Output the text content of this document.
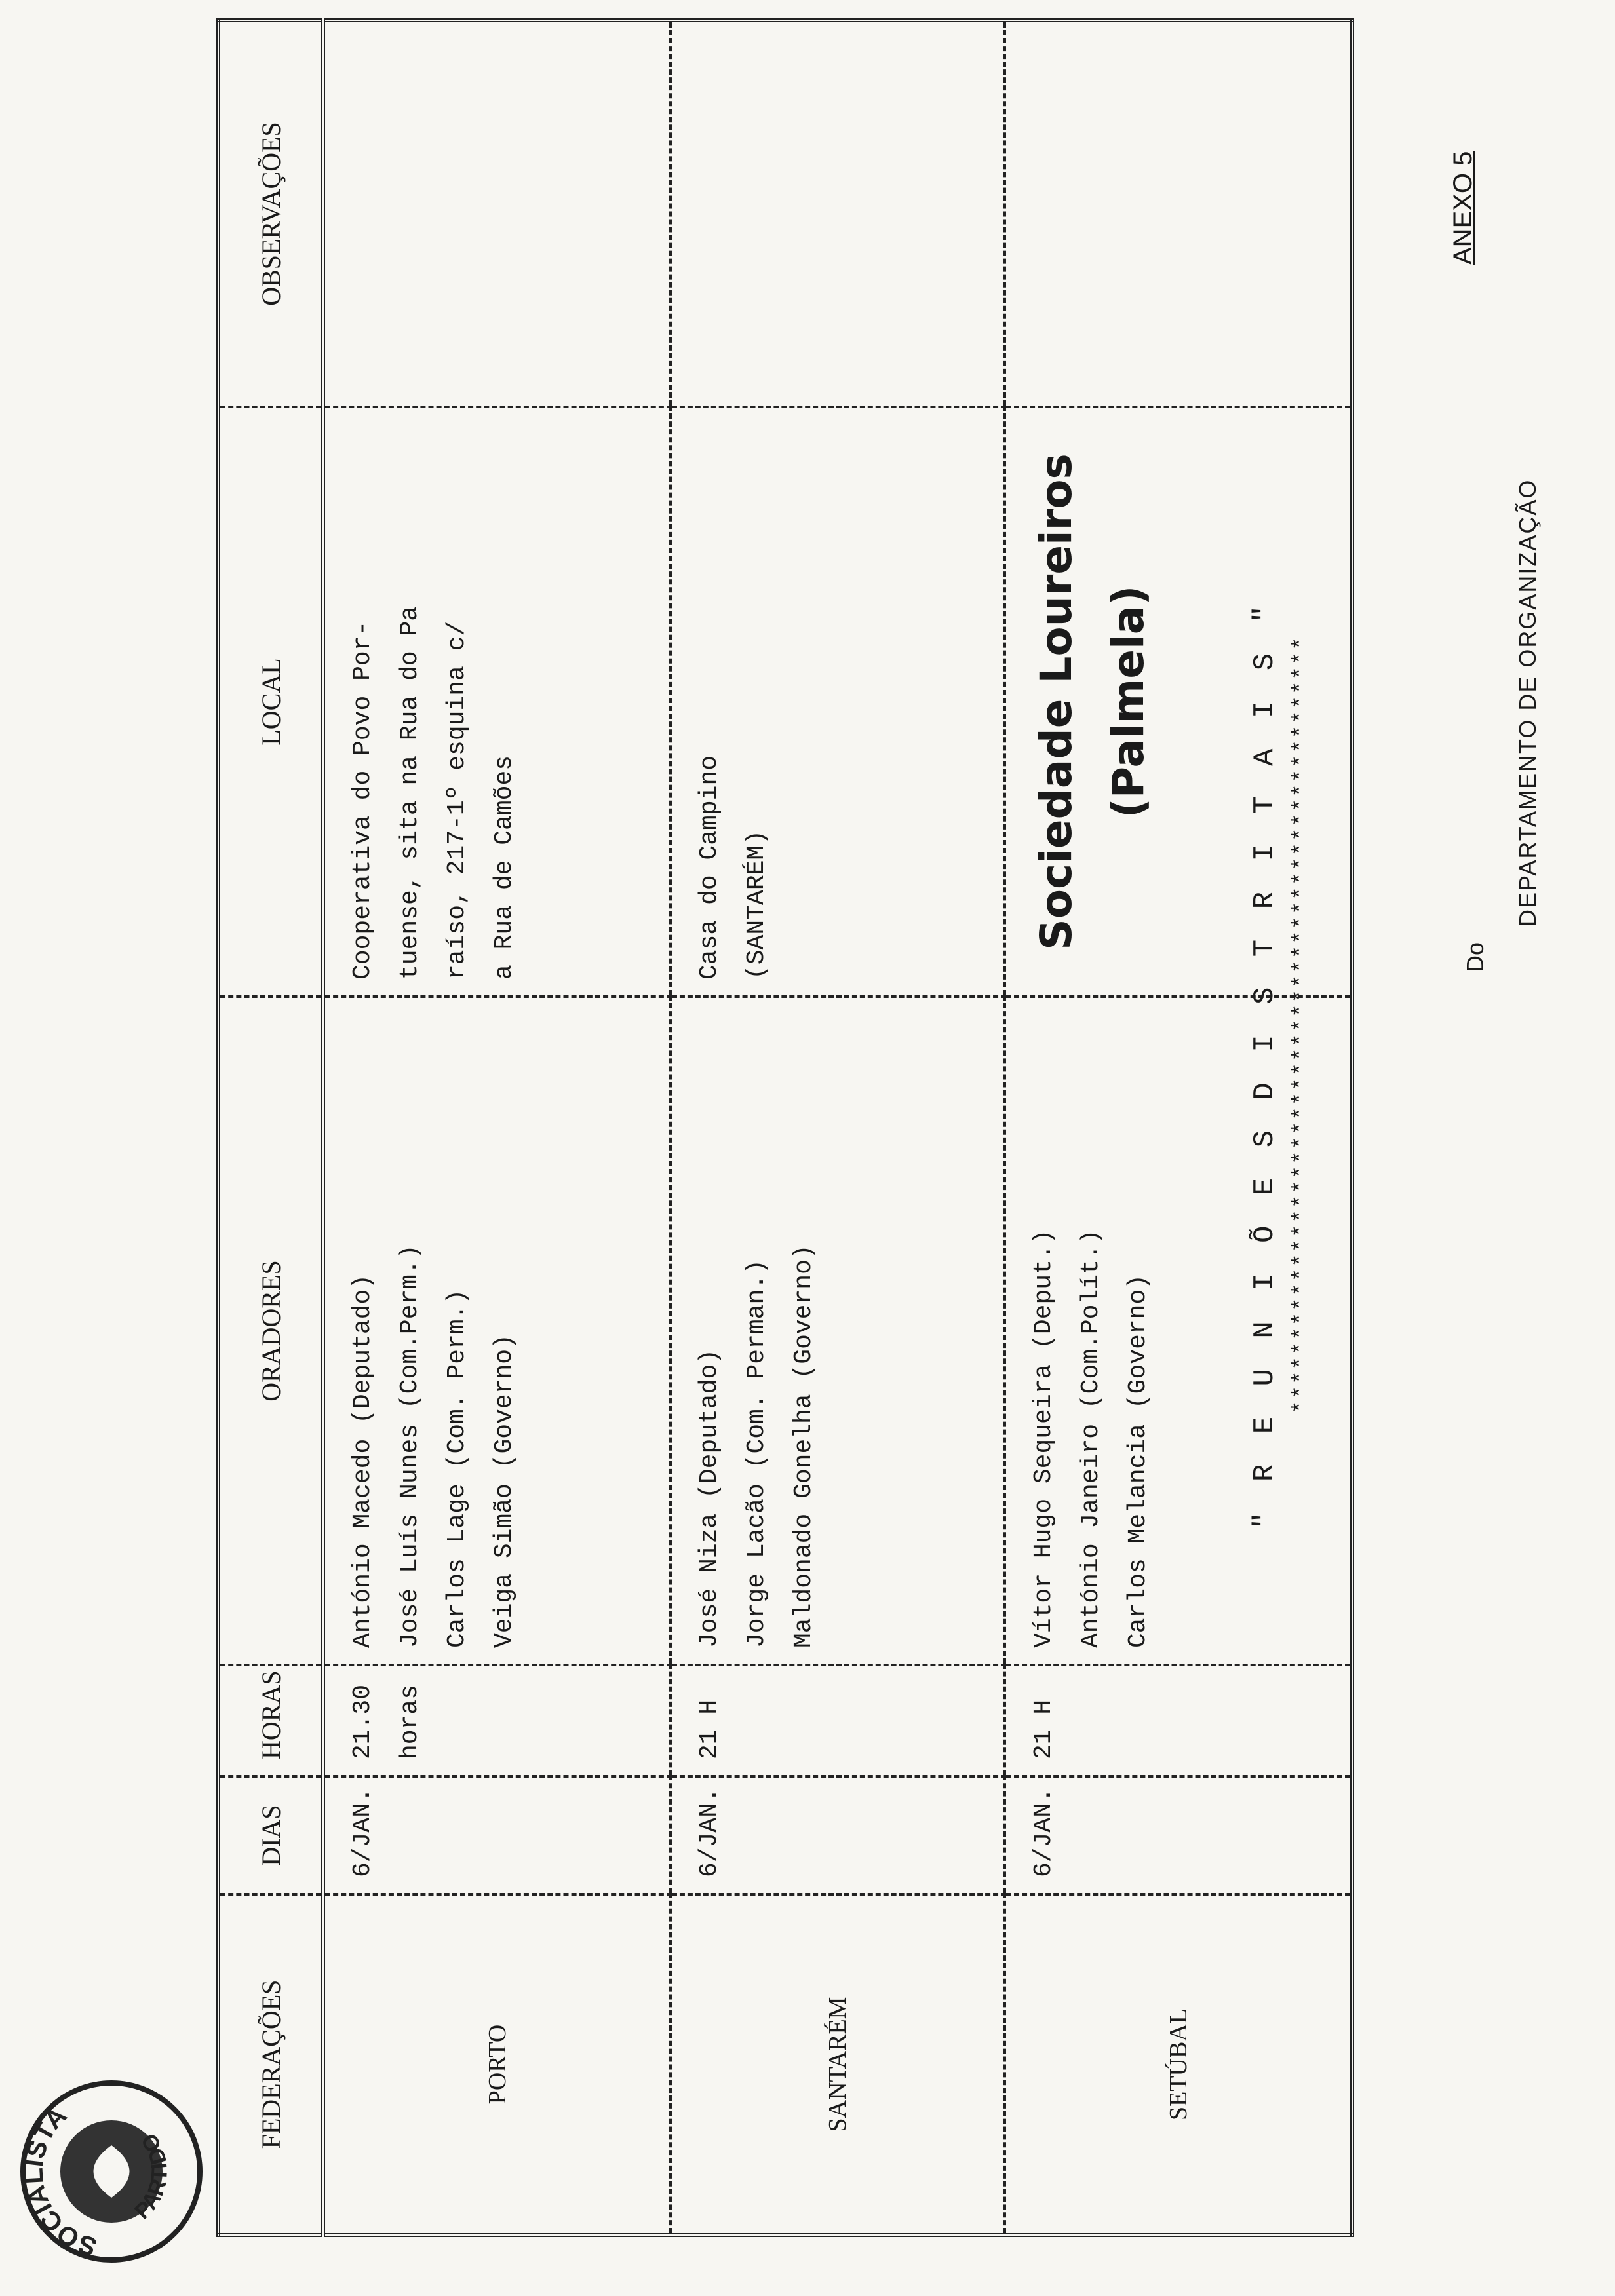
SOCIALISTA
PARTIDO
" R E U N I Õ E S D I S T R I T A I S " *****************************************************
ANEXO 5
FEDERAÇÕES	DIAS	HORAS	ORADORES	LOCAL	OBSERVAÇÕES
PORTO	6/JAN.	21.30 horas	António Macedo (Deputado) José Luís Nunes (Com.Perm.) Carlos Lage (Com. Perm.) Veiga Simão (Governo)	Cooperativa do Povo Por- tuense, sita na Rua do Pa raíso, 217-1º esquina c/ a Rua de Camões	

SANTARÉM	6/JAN.	21 H	José Niza (Deputado) Jorge Lacão (Com. Perman.) Maldonado Gonelha (Governo)	Casa do Campino (SANTARÉM)	

SETÚBAL	6/JAN.	21 H	Vítor Hugo Sequeira (Deput.) António Janeiro (Com.Polít.) Carlos Melancia (Governo)	Sociedade Loureiros (Palmela)	

Do
DEPARTAMENTO DE ORGANIZAÇÃO
